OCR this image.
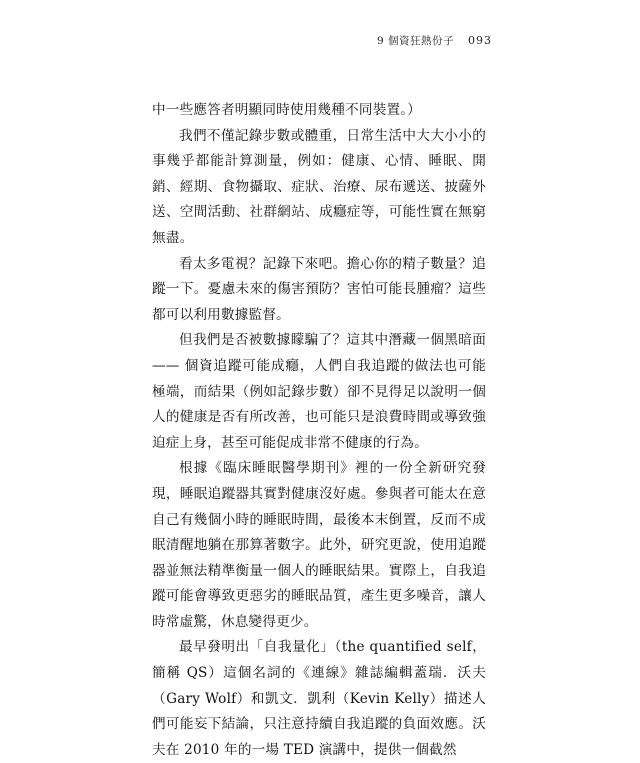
9 個資狂熱份子 093

中一些應答者明顯同時使用幾種不同裝置。）

我們不僅記錄步數或體重，日常生活中大大小小的事幾乎都能計算測量，例如：健康、心情、睡眠、開銷、經期、食物攝取、症狀、治療、尿布遞送、披薩外送、空間活動、社群網站、成癮症等，可能性實在無窮無盡。

看太多電視？記錄下來吧。擔心你的精子數量？追蹤一下。憂慮未來的傷害預防？害怕可能長腫瘤？這些都可以利用數據監督。

但我們是否被數據矇騙了？這其中潛藏一個黑暗面 —— 個資追蹤可能成癮，人們自我追蹤的做法也可能極端，而結果（例如記錄步數）卻不見得足以說明一個人的健康是否有所改善，也可能只是浪費時間或導致強迫症上身，甚至可能促成非常不健康的行為。

根據《臨床睡眠醫學期刊》裡的一份全新研究發現，睡眠追蹤器其實對健康沒好處。參與者可能太在意自己有幾個小時的睡眠時間，最後本末倒置，反而不成眠清醒地躺在那算著數字。此外，研究更說，使用追蹤器並無法精準衡量一個人的睡眠結果。實際上，自我追蹤可能會導致更惡劣的睡眠品質，產生更多噪音，讓人時常虛驚，休息變得更少。

最早發明出「自我量化」（the quantified self，簡稱 QS）這個名詞的《連線》雜誌編輯蓋瑞．沃夫（Gary Wolf）和凱文．凱利（Kevin Kelly）描述人們可能妄下結論，只注意持續自我追蹤的負面效應。沃夫在 2010 年的一場 TED 演講中，提供一個截然
